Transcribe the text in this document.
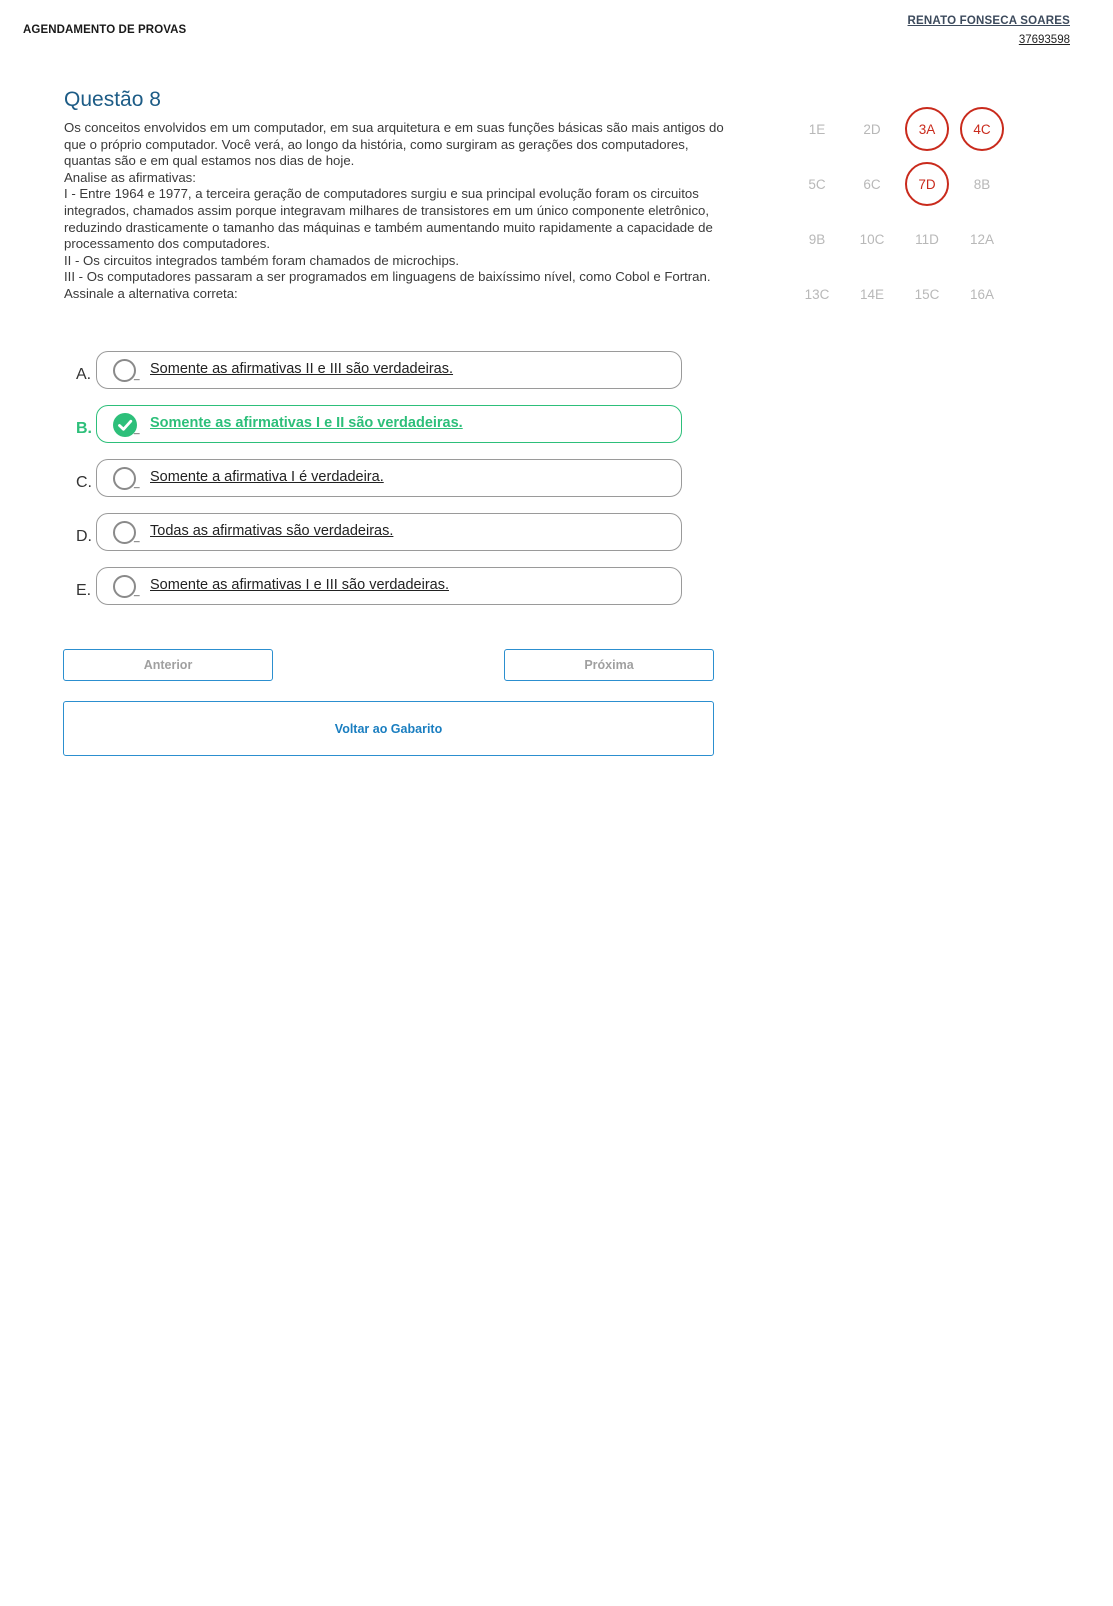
AGENDAMENTO DE PROVAS
RENATO FONSECA SOARES
37693598
Questão 8

Os conceitos envolvidos em um computador, em sua arquitetura e em suas funções básicas são mais antigos do que o próprio computador. Você verá, ao longo da história, como surgiram as gerações dos computadores, quantas são e em qual estamos nos dias de hoje.

Analise as afirmativas:

I - Entre 1964 e 1977, a terceira geração de computadores surgiu e sua principal evolução foram os circuitos integrados, chamados assim porque integravam milhares de transistores em um único componente eletrônico, reduzindo drasticamente o tamanho das máquinas e também aumentando muito rapidamente a capacidade de processamento dos computadores.

II - Os circuitos integrados também foram chamados de microchips.

III - Os computadores passaram a ser programados em linguagens de baixíssimo nível, como Cobol e Fortran.

Assinale a alternativa correta:

1E	2D	3A	4C
5C	6C	7D	8B
9B	10C	11D	12A
13C	14E	15C	16A
A.	_ Somente as afirmativas II e III são verdadeiras.
B.	_ Somente as afirmativas I e II são verdadeiras.
C.	_ Somente a afirmativa I é verdadeira.
D.	_ Todas as afirmativas são verdadeiras.
E.	_ Somente as afirmativas I e III são verdadeiras.
Anterior	Próxima
Voltar ao Gabarito
